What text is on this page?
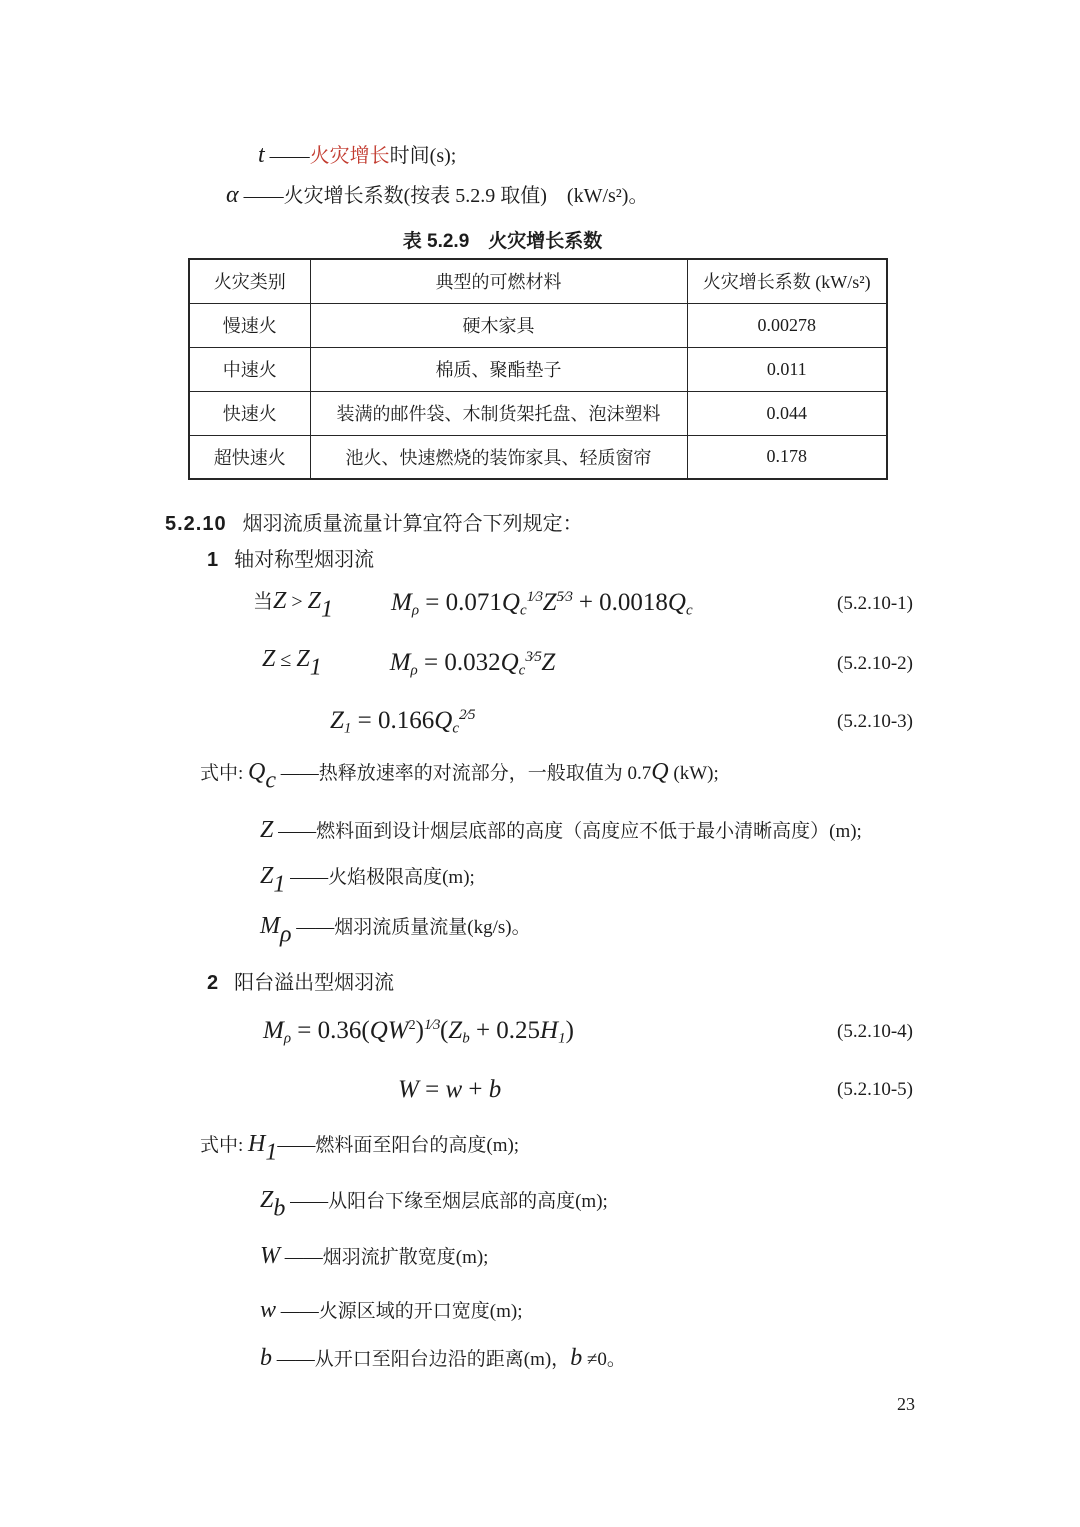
t ——火灾增长时间(s);
α ——火灾增长系数(按表 5.2.9 取值)　(kW/s²)。
表 5.2.9　火灾增长系数
火灾类别	典型的可燃材料	火灾增长系数 (kW/s²)
慢速火	硬木家具	0.00278
中速火	棉质、聚酯垫子	0.011
快速火	装满的邮件袋、木制货架托盘、泡沫塑料	0.044
超快速火	池火、快速燃烧的装饰家具、轻质窗帘	0.178
5.2.10 烟羽流质量流量计算宜符合下列规定：
1 轴对称型烟羽流
当Z > Z1 $M\rho = 0.071Qc^{1⁄3}Z^{5⁄3} + 0.0018Qc$	(5.2.10-1)
Z ≤ Z1	$M\rho = 0.032Qc^{3⁄5}Z$	(5.2.10-2)
$Z1 = 0.166Qc^{2⁄5}$	(5.2.10-3)
式中: Qc ——热释放速率的对流部分，一般取值为 0.7Q (kW);
Z ——燃料面到设计烟层底部的高度（高度应不低于最小清晰高度）(m);
Z1 ——火焰极限高度(m);
Mρ ——烟羽流质量流量(kg/s)。
2 阳台溢出型烟羽流
$M\rho = 0.36(QW^2)^{1⁄3}(Zb + 0.25H1)$	(5.2.10-4)
W = w + b	(5.2.10-5)
式中: H1——燃料面至阳台的高度(m);
Zb ——从阳台下缘至烟层底部的高度(m);
W ——烟羽流扩散宽度(m);
w ——火源区域的开口宽度(m);
b ——从开口至阳台边沿的距离(m)，b ≠0。
23
